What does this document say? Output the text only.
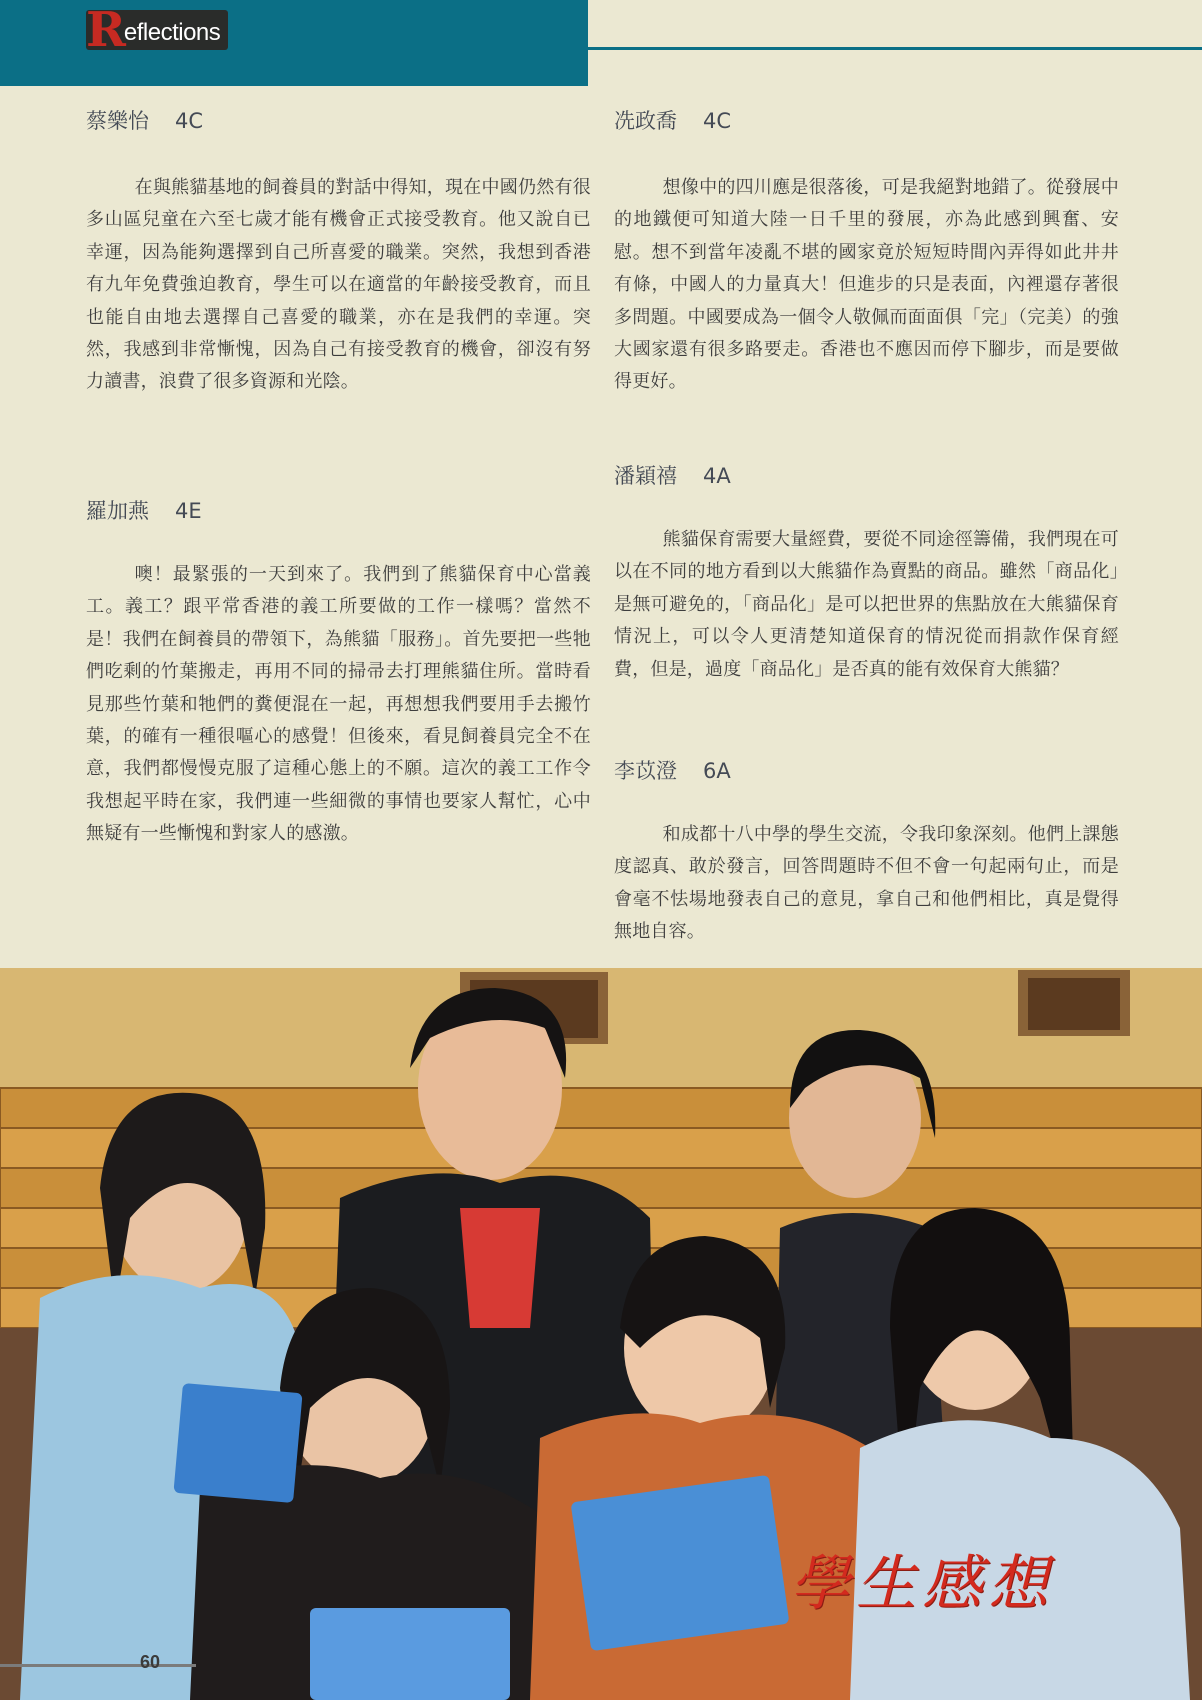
R eflections

蔡樂怡 4C

在與熊貓基地的飼養員的對話中得知，現在中國仍然有很多山區兒童在六至七歲才能有機會正式接受教育。他又說自已幸運，因為能夠選擇到自己所喜愛的職業。突然，我想到香港有九年免費強迫教育，學生可以在適當的年齡接受教育，而且也能自由地去選擇自己喜愛的職業，亦在是我們的幸運。突然，我感到非常慚愧，因為自己有接受教育的機會，卻沒有努力讀書，浪費了很多資源和光陰。

羅加燕 4E

噢！最緊張的一天到來了。我們到了熊貓保育中心當義工。義工？跟平常香港的義工所要做的工作一樣嗎？當然不是！我們在飼養員的帶領下，為熊貓「服務」。首先要把一些牠們吃剩的竹葉搬走，再用不同的掃帚去打理熊貓住所。當時看見那些竹葉和牠們的糞便混在一起，再想想我們要用手去搬竹葉，的確有一種很嘔心的感覺！但後來，看見飼養員完全不在意，我們都慢慢克服了這種心態上的不願。這次的義工工作令我想起平時在家，我們連一些細微的事情也要家人幫忙，心中無疑有一些慚愧和對家人的感激。

冼政喬 4C

想像中的四川應是很落後，可是我絕對地錯了。從發展中的地鐵便可知道大陸一日千里的發展，亦為此感到興奮、安慰。想不到當年凌亂不堪的國家竟於短短時間內弄得如此井井有條，中國人的力量真大！但進步的只是表面，內裡還存著很多問題。中國要成為一個令人敬佩而面面俱「完」（完美）的強大國家還有很多路要走。香港也不應因而停下腳步，而是要做得更好。

潘穎禧 4A

熊貓保育需要大量經費，要從不同途徑籌備，我們現在可以在不同的地方看到以大熊貓作為賣點的商品。雖然「商品化」是無可避免的，「商品化」是可以把世界的焦點放在大熊貓保育情況上，可以令人更清楚知道保育的情況從而捐款作保育經費，但是，過度「商品化」是否真的能有效保育大熊貓？

李苡澄 6A

和成都十八中學的學生交流，令我印象深刻。他們上課態度認真、敢於發言，回答問題時不但不會一句起兩句止，而是會毫不怯場地發表自己的意見，拿自己和他們相比，真是覺得無地自容。

學生感想
60
